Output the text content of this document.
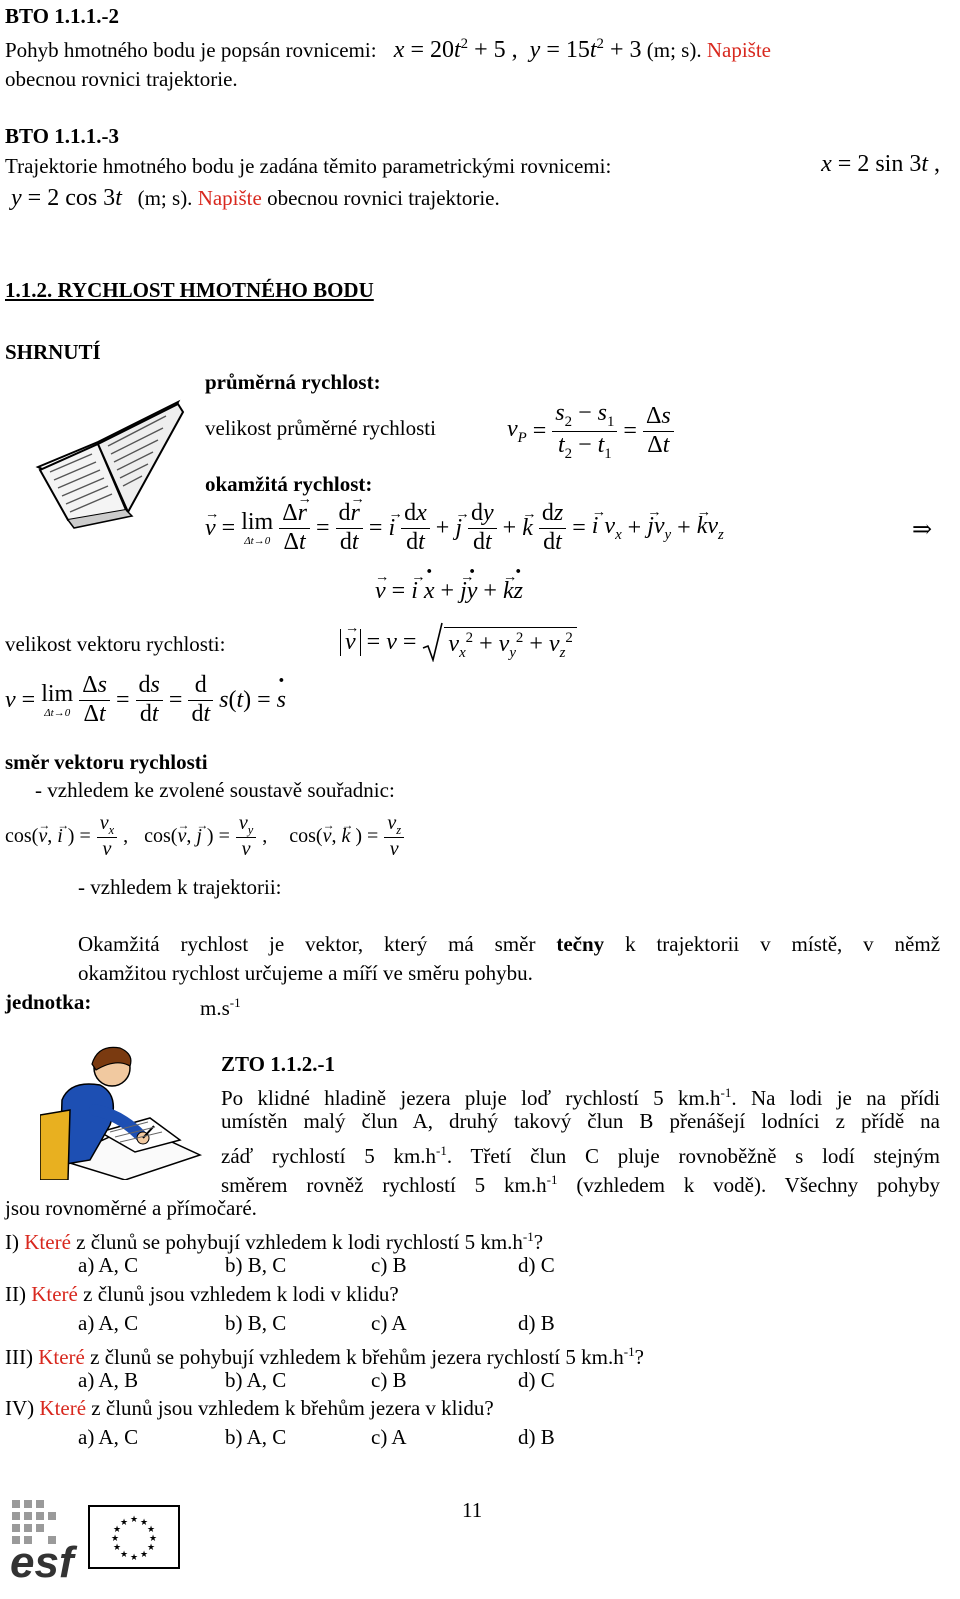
BTO 1.1.1.-2
Pohyb hmotného bodu je popsán rovnicemi: $x = 20t^2 + 5$ ,  $y = 15t^2 + 3$ (m; s). Napište
obecnou rovnici trajektorie.
BTO 1.1.1.-3
Trajektorie hmotného bodu je zadána těmito parametrickými rovnicemi:	x = 2 sin 3t ,
y = 2 cos 3t (m; s). Napište obecnou rovnici trajektorie.
1.1.2. RYCHLOST HMOTNÉHO BODU
SHRNUTÍ
průměrná rychlost:
velikost průměrné rychlosti	$v_P = \frac{s_2 - s_1}{t_2 - t_1} = \frac{\Delta s}{\Delta t}$
okamžitá rychlost:
→ v = lim
$\Delta t\to 0 \frac{\Delta\to r}{\Delta t} = \frac{d\to r}{dt}$ = → i $\frac{dx}{dt}$ + → j $\frac{dy}{dt}$ + → k $\frac{dz}{dt}$ = → i $v_x$ + → $jv_y$ + → $kv_z$	⇒
→ v = → i · x + → j· y + → k· z
velikost vektoru rychlosti:	→ $v = v = v_x^2 + v_y^2 + v_z^2$
v = lim
$\Delta t\to 0 \frac{\Delta s}{\Delta t} = \frac{ds}{dt} = \frac{d}{dt} s(t)$ = · s
směr vektoru rychlosti
- vzhledem ke zvolené soustavě souřadnic:
cos(→ v, → i ) = $\frac{v_x}{v}$ , cos(→ v, → j ) = $\frac{v_y}{v}$ , cos(→ v, → k ) = $\frac{v_z}{v}$
- vzhledem k trajektorii:
Okamžitá rychlost je vektor, který má směr tečny k trajektorii v místě, v němž
okamžitou rychlost určujeme a míří ve směru pohybu.
jednotka:	$m.s^{-1}$
ZTO 1.1.2.-1
Po klidné hladině jezera pluje loď rychlostí 5 $km.h^{-1}$. Na lodi je na přídi
umístěn malý člun A, druhý takový člun B přenášejí lodníci z přídě na
záď rychlostí 5 $km.h^{-1}$. Třetí člun C pluje rovnoběžně s lodí stejným
směrem rovněž rychlostí 5 $km.h^{-1}$ (vzhledem k vodě). Všechny pohyby
jsou rovnoměrné a přímočaré.
I) Které z člunů se pohybují vzhledem k lodi rychlostí 5 $km.h^{-1}$?
a) A, C	b) B, C	c) B	d) C
II) Které z člunů jsou vzhledem k lodi v klidu?
a) A, C	b) B, C	c) A	d) B
III) Které z člunů se pohybují vzhledem k břehům jezera rychlostí 5 $km.h^{-1}$?
a) A, B	b) A, C	c) B	d) C
IV) Které z člunů jsou vzhledem k břehům jezera v klidu?
a) A, C	b) A, C	c) A	d) B
esf
★ ★
★
★
★
★
★
★
★
★
★
★
11
